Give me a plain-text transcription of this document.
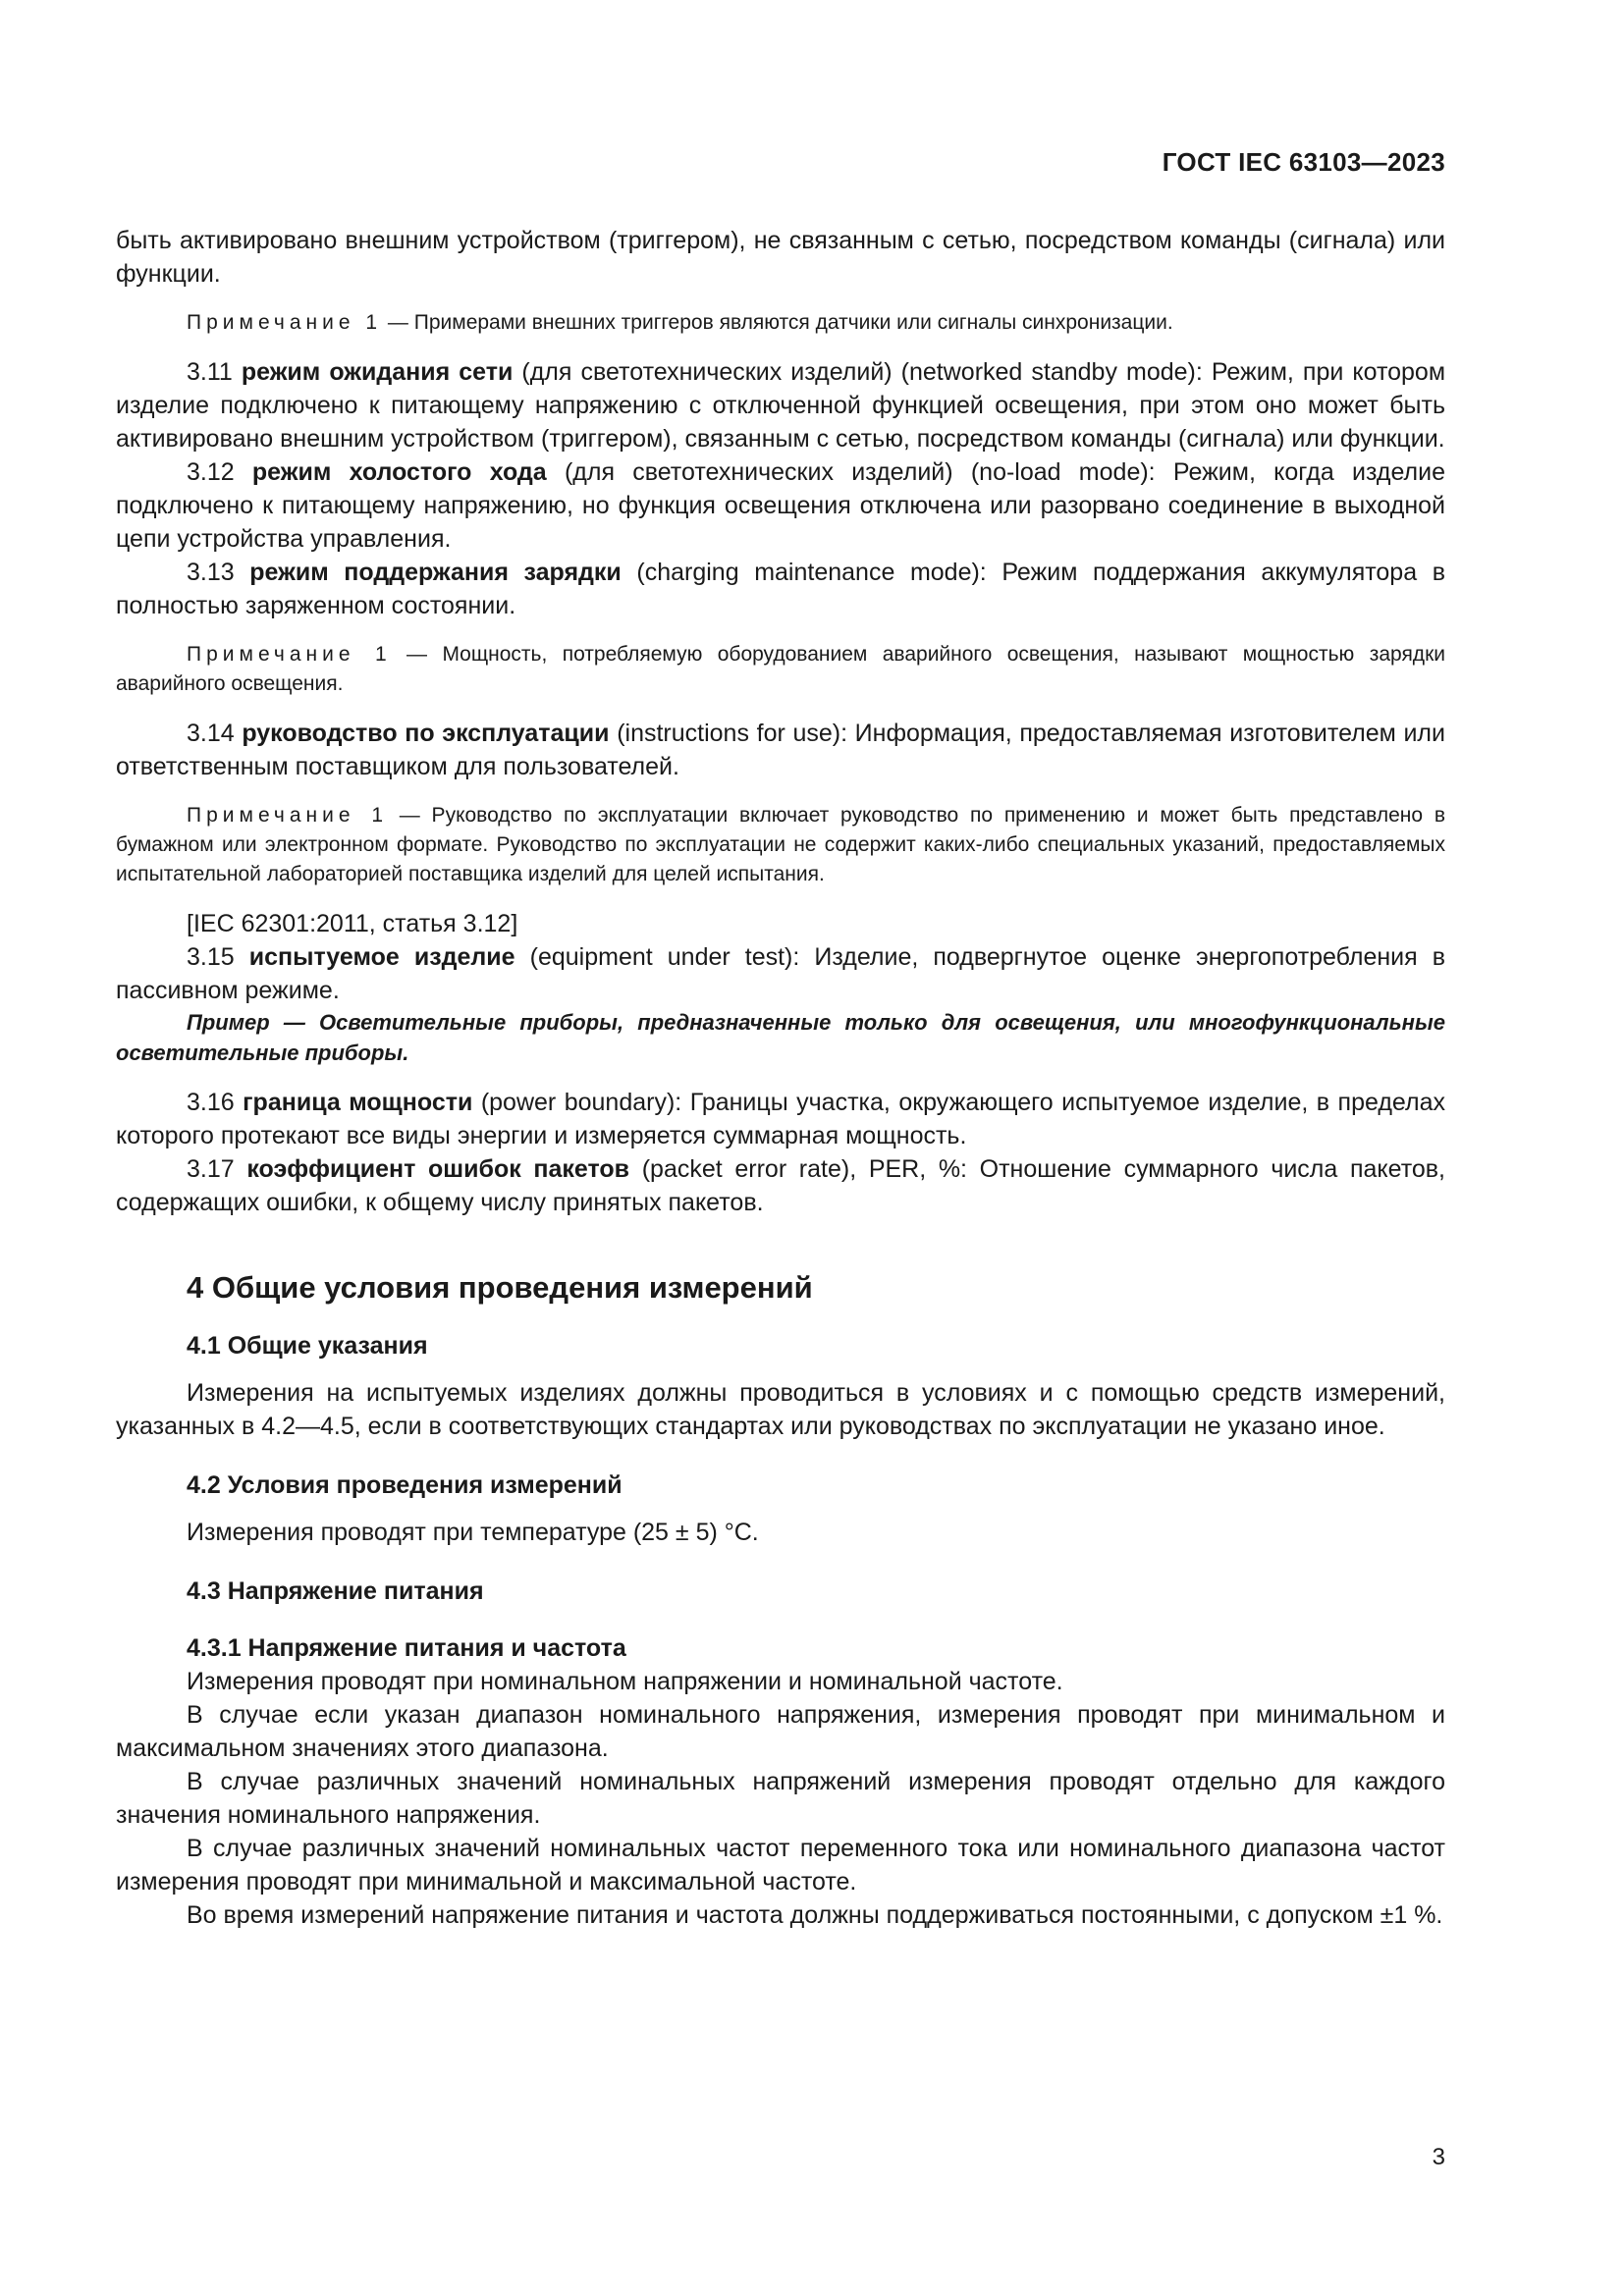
ГОСТ IEC 63103—2023

быть активировано внешним устройством (триггером), не связанным с сетью, посредством команды (сигнала) или функции.

Примечание 1 — Примерами внешних триггеров являются датчики или сигналы синхронизации.

3.11 режим ожидания сети (для светотехнических изделий) (networked standby mode): Режим, при котором изделие подключено к питающему напряжению с отключенной функцией освещения, при этом оно может быть активировано внешним устройством (триггером), связанным с сетью, посредством команды (сигнала) или функции.

3.12 режим холостого хода (для светотехнических изделий) (no-load mode): Режим, когда изделие подключено к питающему напряжению, но функция освещения отключена или разорвано соединение в выходной цепи устройства управления.

3.13 режим поддержания зарядки (charging maintenance mode): Режим поддержания аккумулятора в полностью заряженном состоянии.

Примечание 1 — Мощность, потребляемую оборудованием аварийного освещения, называют мощностью зарядки аварийного освещения.

3.14 руководство по эксплуатации (instructions for use): Информация, предоставляемая изготовителем или ответственным поставщиком для пользователей.

Примечание 1 — Руководство по эксплуатации включает руководство по применению и может быть представлено в бумажном или электронном формате. Руководство по эксплуатации не содержит каких-либо специальных указаний, предоставляемых испытательной лабораторией поставщика изделий для целей испытания.

[IEC 62301:2011, статья 3.12]

3.15 испытуемое изделие (equipment under test): Изделие, подвергнутое оценке энергопотребления в пассивном режиме.

Пример — Осветительные приборы, предназначенные только для освещения, или многофункциональные осветительные приборы.

3.16 граница мощности (power boundary): Границы участка, окружающего испытуемое изделие, в пределах которого протекают все виды энергии и измеряется суммарная мощность.

3.17 коэффициент ошибок пакетов (packet error rate), PER, %: Отношение суммарного числа пакетов, содержащих ошибки, к общему числу принятых пакетов.

4 Общие условия проведения измерений
4.1 Общие указания

Измерения на испытуемых изделиях должны проводиться в условиях и с помощью средств измерений, указанных в 4.2—4.5, если в соответствующих стандартах или руководствах по эксплуатации не указано иное.

4.2 Условия проведения измерений

Измерения проводят при температуре (25 ± 5) °С.

4.3 Напряжение питания
4.3.1 Напряжение питания и частота

Измерения проводят при номинальном напряжении и номинальной частоте.

В случае если указан диапазон номинального напряжения, измерения проводят при минимальном и максимальном значениях этого диапазона.

В случае различных значений номинальных напряжений измерения проводят отдельно для каждого значения номинального напряжения.

В случае различных значений номинальных частот переменного тока или номинального диапазона частот измерения проводят при минимальной и максимальной частоте.

Во время измерений напряжение питания и частота должны поддерживаться постоянными, с допуском ±1 %.

3
